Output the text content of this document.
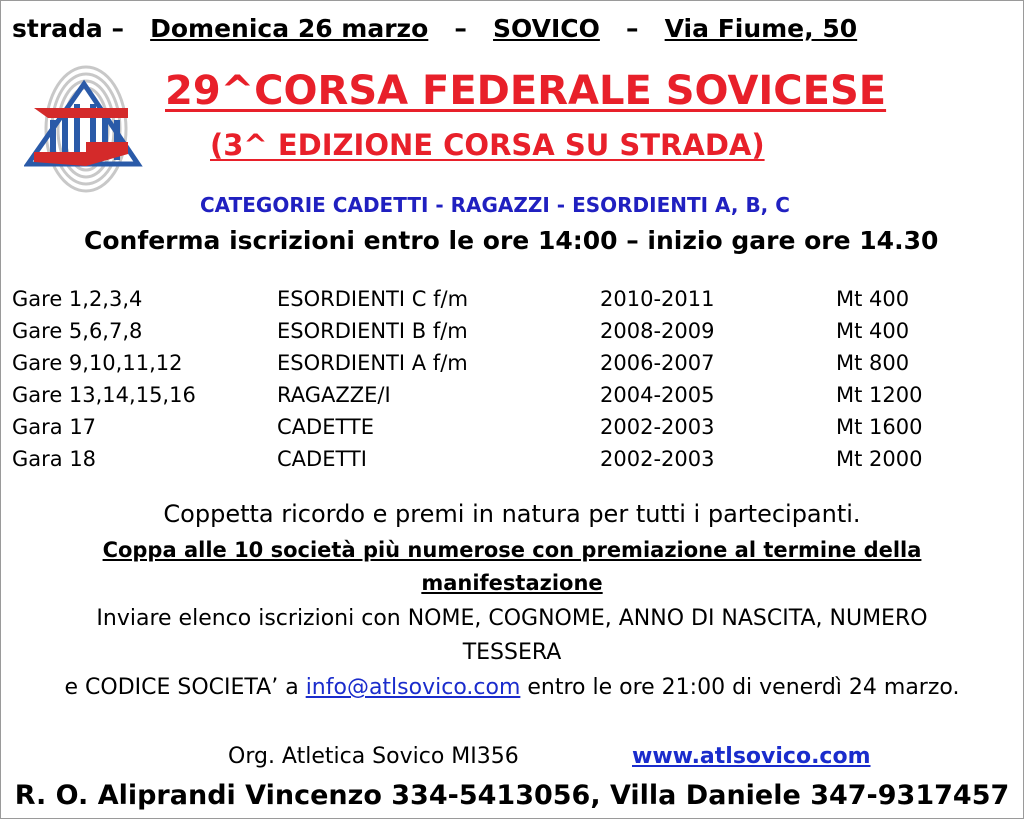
strada – Domenica 26 marzo – SOVICO – Via Fiume, 50
29^CORSA FEDERALE SOVICESE
(3^ EDIZIONE CORSA SU STRADA)
CATEGORIE CADETTI - RAGAZZI - ESORDIENTI A, B, C
Conferma iscrizioni entro le ore 14:00 – inizio gare ore 14.30
Gare 1,2,3,4	ESORDIENTI C f/m	2010-2011	Mt 400
Gare 5,6,7,8	ESORDIENTI B f/m	2008-2009	Mt 400
Gare 9,10,11,12	ESORDIENTI A f/m	2006-2007	Mt 800
Gare 13,14,15,16	RAGAZZE/I	2004-2005	Mt 1200
Gara 17	CADETTE	2002-2003	Mt 1600
Gara 18	CADETTI	2002-2003	Mt 2000
Coppetta ricordo e premi in natura per tutti i partecipanti.
Coppa alle 10 società più numerose con premiazione al termine della
manifestazione
Inviare elenco iscrizioni con NOME, COGNOME, ANNO DI NASCITA, NUMERO
TESSERA
e CODICE SOCIETA’ a info@atlsovico.com entro le ore 21:00 di venerdì 24 marzo.
Org. Atletica Sovico MI356	www.atlsovico.com
R. O. Aliprandi Vincenzo 334-5413056, Villa Daniele 347-9317457
